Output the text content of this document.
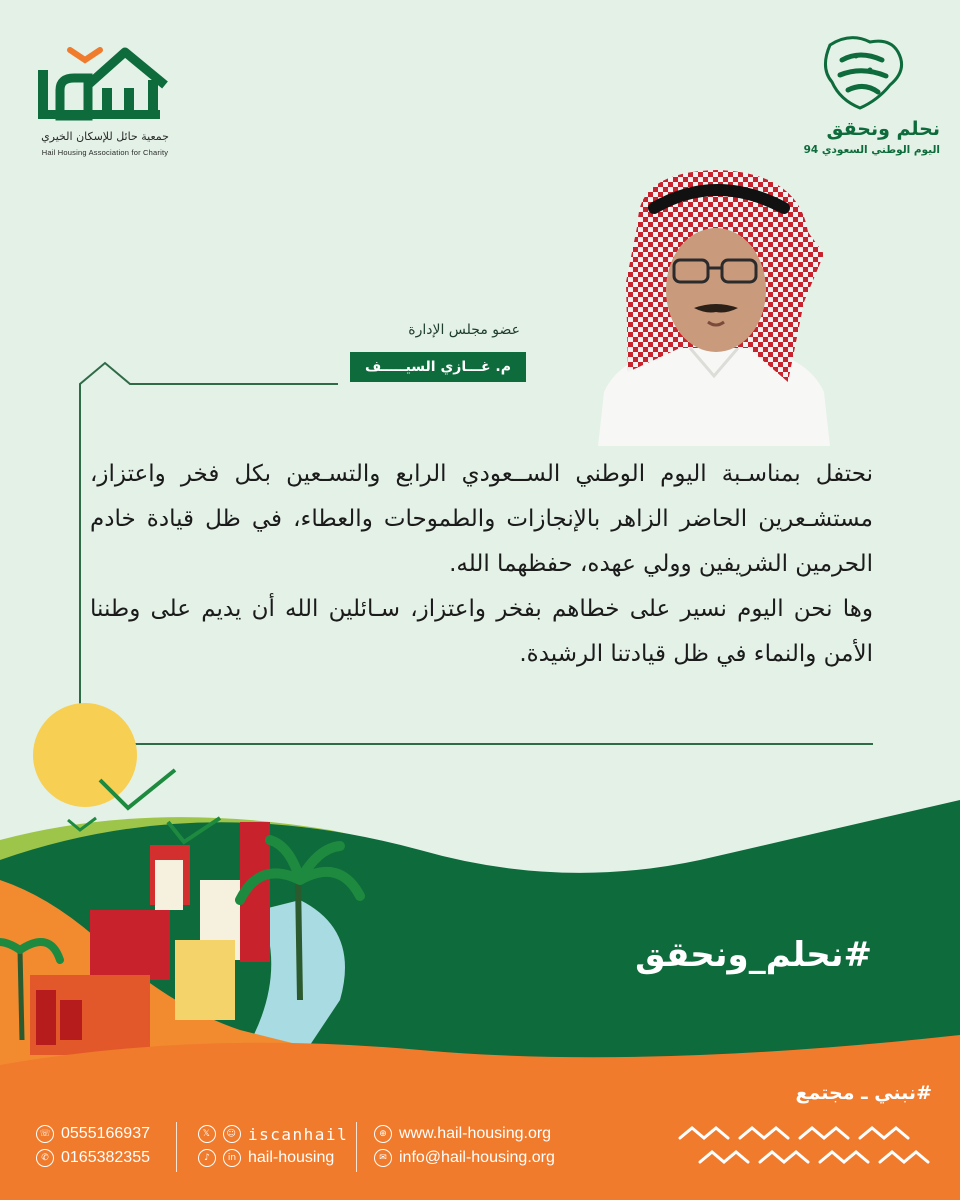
جمعية حائل للإسكان الخيري
Hail Housing Association for Charity
نحلم ونحقق
اليوم الوطني السعودي 94
عضو مجلس الإدارة
م. غـــازي السيـــــف

نحتفل بمناسـبة اليوم الوطني الســعودي الرابع والتسـعين بكل فخر واعتزاز، مستشـعرين الحاضر الزاهر بالإنجازات والطموحات والعطاء، في ظل قيادة خادم الحرمين الشريفين وولي عهده، حفظهما الله.

وها نحن اليوم نسير على خطاهم بفخر واعتزاز، سـائلين الله أن يديم على وطننا الأمن والنماء في ظل قيادتنا الرشيدة.

#نحلم_ونحقق
#نبني ـ مجتمع
☏ 0555166937
✆ 0165382355
𝕏	☺ iscanhail
♪	in hail-housing
⊕ www.hail-housing.org
✉ info@hail-housing.org
